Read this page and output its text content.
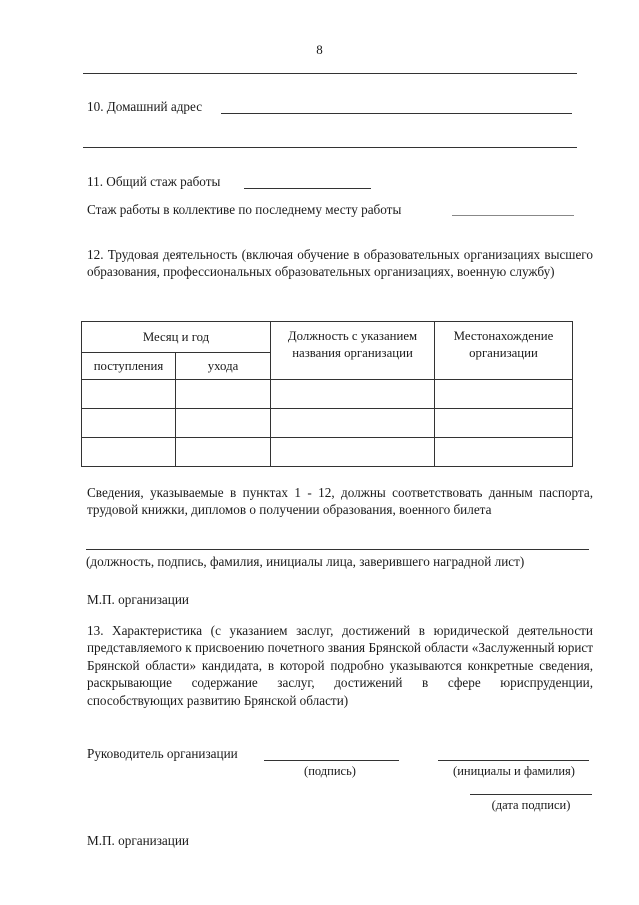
8
10. Домашний адрес
11. Общий стаж работы
Стаж работы в коллективе по последнему месту работы
12. Трудовая деятельность (включая обучение в образовательных организациях высшего образования, профессиональных образовательных организациях, военную службу)
Месяц и год		Должность с указанием названия организации	Местонахождение организации
поступления	ухода		

Сведения, указываемые в пунктах 1 - 12, должны соответствовать данным паспорта, трудовой книжки, дипломов о получении образования, военного билета
(должность, подпись, фамилия, инициалы лица, заверившего наградной лист)
М.П. организации
13. Характеристика (с указанием заслуг, достижений в юридической деятельности представляемого к присвоению почетного звания Брянской области «Заслуженный юрист Брянской области» кандидата, в которой подробно указываются конкретные сведения, раскрывающие содержание заслуг, достижений в сфере юриспруденции, способствующих развитию Брянской области)
Руководитель организации
(подпись)	(инициалы и фамилия)
(дата подписи)
М.П. организации
